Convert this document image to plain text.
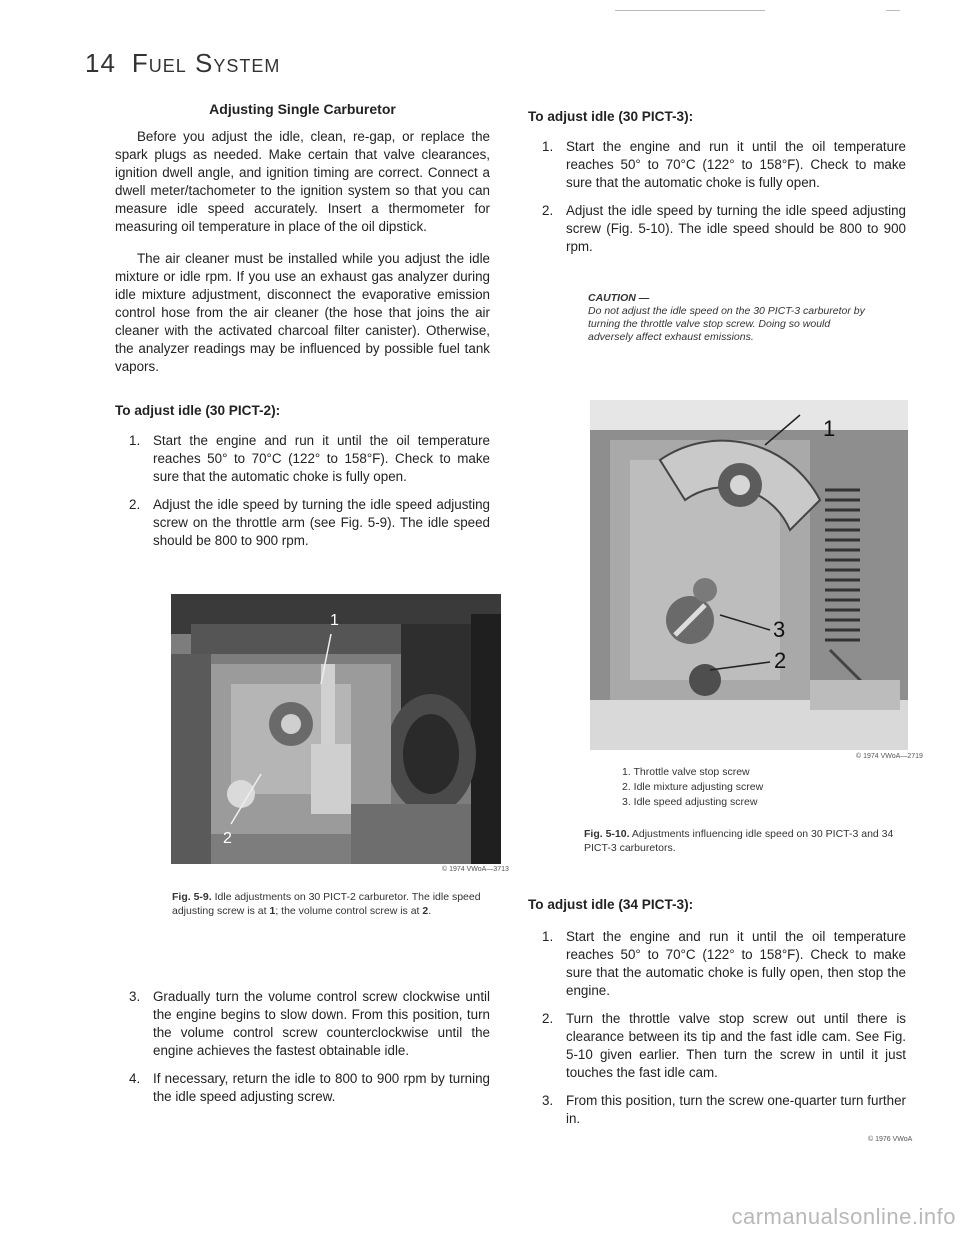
14 Fuel System
Adjusting Single Carburetor

Before you adjust the idle, clean, re-gap, or replace the spark plugs as needed. Make certain that valve clearances, ignition dwell angle, and ignition timing are correct. Connect a dwell meter/tachometer to the ignition system so that you can measure idle speed accurately. Insert a thermometer for measuring oil temperature in place of the oil dipstick.

The air cleaner must be installed while you adjust the idle mixture or idle rpm. If you use an exhaust gas analyzer during idle mixture adjustment, disconnect the evaporative emission control hose from the air cleaner (the hose that joins the air cleaner with the activated charcoal filter canister). Otherwise, the analyzer readings may be influenced by possible fuel tank vapors.

To adjust idle (30 PICT-2):
1. Start the engine and run it until the oil temperature reaches 50° to 70°C (122° to 158°F). Check to make sure that the automatic choke is fully open.
2. Adjust the idle speed by turning the idle speed adjusting screw on the throttle arm (see Fig. 5-9). The idle speed should be 800 to 900 rpm.
1
2
© 1974 VWoA—3713
Fig. 5-9. Idle adjustments on 30 PICT-2 carburetor. The idle speed adjusting screw is at 1; the volume control screw is at 2.
3. Gradually turn the volume control screw clockwise until the engine begins to slow down. From this position, turn the volume control screw counterclockwise until the engine achieves the fastest obtainable idle.
4. If necessary, return the idle to 800 to 900 rpm by turning the idle speed adjusting screw.
To adjust idle (30 PICT-3):
1. Start the engine and run it until the oil temperature reaches 50° to 70°C (122° to 158°F). Check to make sure that the automatic choke is fully open.
2. Adjust the idle speed by turning the idle speed adjusting screw (Fig. 5-10). The idle speed should be 800 to 900 rpm.
CAUTION —
Do not adjust the idle speed on the 30 PICT-3 carburetor by turning the throttle valve stop screw. Doing so would adversely affect exhaust emissions.
1
3
2
© 1974 VWoA—2719
1. Throttle valve stop screw
2. Idle mixture adjusting screw
3. Idle speed adjusting screw
Fig. 5-10. Adjustments influencing idle speed on 30 PICT-3 and 34 PICT-3 carburetors.
To adjust idle (34 PICT-3):
1. Start the engine and run it until the oil temperature reaches 50° to 70°C (122° to 158°F). Check to make sure that the automatic choke is fully open, then stop the engine.
2. Turn the throttle valve stop screw out until there is clearance between its tip and the fast idle cam. See Fig. 5-10 given earlier. Then turn the screw in until it just touches the fast idle cam.
3. From this position, turn the screw one-quarter turn further in.
© 1976 VWoA
carmanualsonline.info
